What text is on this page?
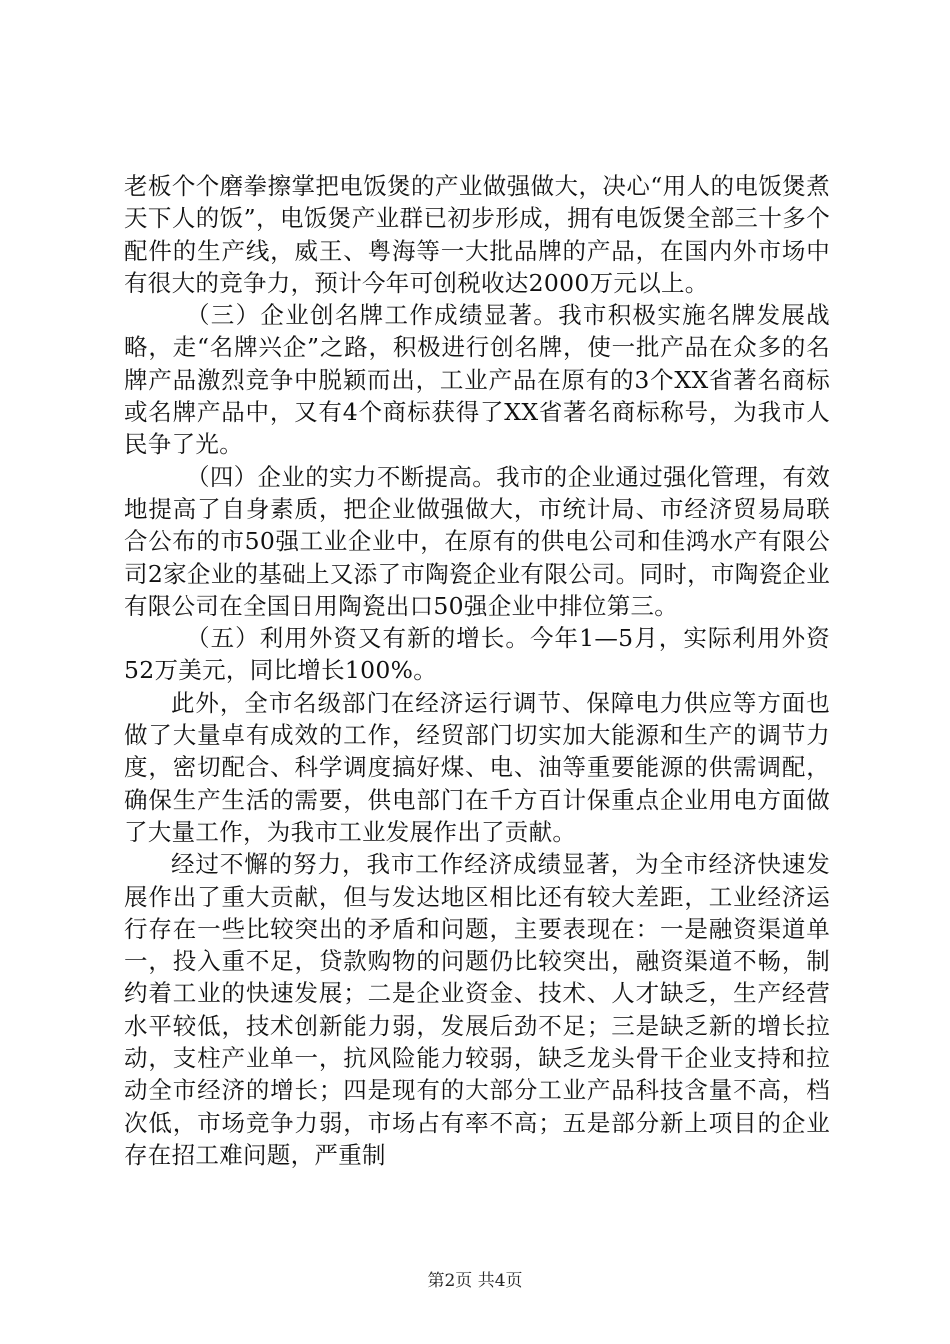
老板个个磨拳擦掌把电饭煲的产业做强做大，决心“用人的电饭煲煮天下人的饭”，电饭煲产业群已初步形成，拥有电饭煲全部三十多个配件的生产线，威王、粤海等一大批品牌的产品，在国内外市场中有很大的竞争力，预计今年可创税收达2000万元以上。

（三）企业创名牌工作成绩显著。我市积极实施名牌发展战略，走“名牌兴企”之路，积极进行创名牌，使一批产品在众多的名牌产品激烈竞争中脱颖而出，工业产品在原有的3个XX省著名商标或名牌产品中，又有4个商标获得了XX省著名商标称号，为我市人民争了光。

（四）企业的实力不断提高。我市的企业通过强化管理，有效地提高了自身素质，把企业做强做大，市统计局、市经济贸易局联合公布的市50强工业企业中，在原有的供电公司和佳鸿水产有限公司2家企业的基础上又添了市陶瓷企业有限公司。同时，市陶瓷企业有限公司在全国日用陶瓷出口50强企业中排位第三。

（五）利用外资又有新的增长。今年1—5月，实际利用外资52万美元，同比增长100%。

此外，全市名级部门在经济运行调节、保障电力供应等方面也做了大量卓有成效的工作，经贸部门切实加大能源和生产的调节力度，密切配合、科学调度搞好煤、电、油等重要能源的供需调配，确保生产生活的需要，供电部门在千方百计保重点企业用电方面做了大量工作，为我市工业发展作出了贡献。

经过不懈的努力，我市工作经济成绩显著，为全市经济快速发展作出了重大贡献，但与发达地区相比还有较大差距，工业经济运行存在一些比较突出的矛盾和问题，主要表现在：一是融资渠道单一，投入重不足，贷款购物的问题仍比较突出，融资渠道不畅，制约着工业的快速发展；二是企业资金、技术、人才缺乏，生产经营水平较低，技术创新能力弱，发展后劲不足；三是缺乏新的增长拉动，支柱产业单一，抗风险能力较弱，缺乏龙头骨干企业支持和拉动全市经济的增长；四是现有的大部分工业产品科技含量不高，档次低，市场竞争力弱，市场占有率不高；五是部分新上项目的企业存在招工难问题，严重制

第2页 共4页
